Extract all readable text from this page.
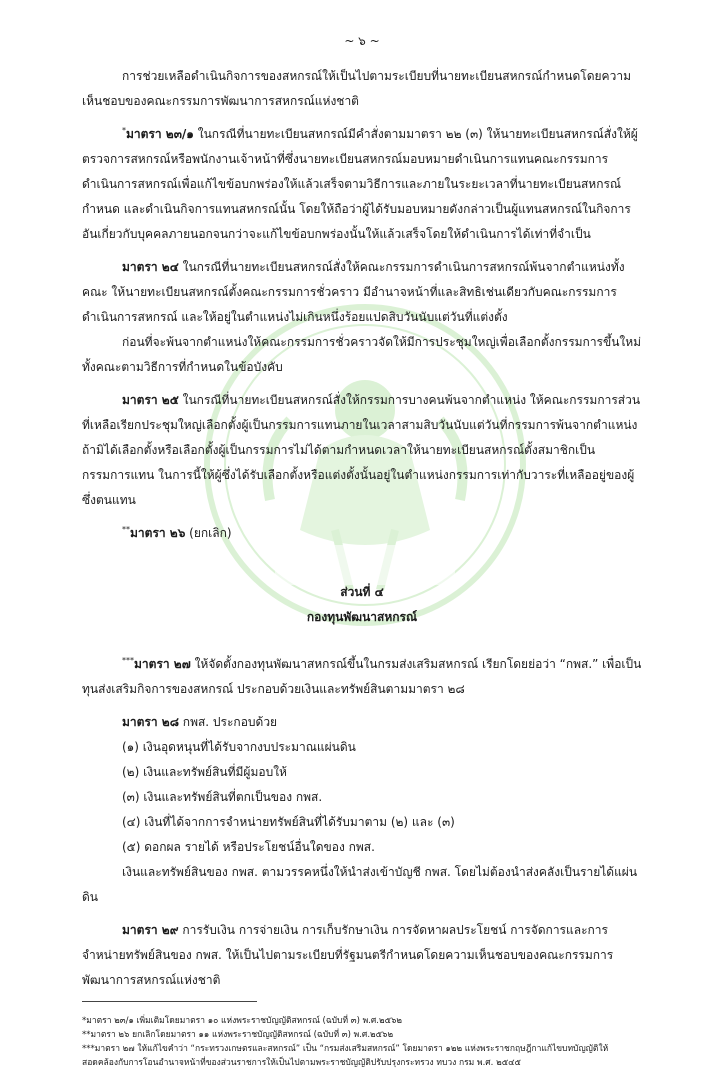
~ ๖ ~

การช่วยเหลือดำเนินกิจการของสหกรณ์ให้เป็นไปตามระเบียบที่นายทะเบียนสหกรณ์กำหนดโดยความเห็นชอบของคณะกรรมการพัฒนาการสหกรณ์แห่งชาติ

*มาตรา ๒๓/๑ ในกรณีที่นายทะเบียนสหกรณ์มีคำสั่งตามมาตรา ๒๒ (๓) ให้นายทะเบียนสหกรณ์สั่งให้ผู้ตรวจการสหกรณ์หรือพนักงานเจ้าหน้าที่ซึ่งนายทะเบียนสหกรณ์มอบหมายดำเนินการแทนคณะกรรมการดำเนินการสหกรณ์เพื่อแก้ไขข้อบกพร่องให้แล้วเสร็จตามวิธีการและภายในระยะเวลาที่นายทะเบียนสหกรณ์กำหนด และดำเนินกิจการแทนสหกรณ์นั้น โดยให้ถือว่าผู้ได้รับมอบหมายดังกล่าวเป็นผู้แทนสหกรณ์ในกิจการอันเกี่ยวกับบุคคลภายนอกจนกว่าจะแก้ไขข้อบกพร่องนั้นให้แล้วเสร็จโดยให้ดำเนินการได้เท่าที่จำเป็น

มาตรา ๒๔ ในกรณีที่นายทะเบียนสหกรณ์สั่งให้คณะกรรมการดำเนินการสหกรณ์พ้นจากตำแหน่งทั้งคณะ ให้นายทะเบียนสหกรณ์ตั้งคณะกรรมการชั่วคราว มีอำนาจหน้าที่และสิทธิเช่นเดียวกับคณะกรรมการดำเนินการสหกรณ์ และให้อยู่ในตำแหน่งไม่เกินหนึ่งร้อยแปดสิบวันนับแต่วันที่แต่งตั้ง

ก่อนที่จะพ้นจากตำแหน่งให้คณะกรรมการชั่วคราวจัดให้มีการประชุมใหญ่เพื่อเลือกตั้งกรรมการขึ้นใหม่ทั้งคณะตามวิธีการที่กำหนดในข้อบังคับ

มาตรา ๒๕ ในกรณีที่นายทะเบียนสหกรณ์สั่งให้กรรมการบางคนพ้นจากตำแหน่ง ให้คณะกรรมการส่วนที่เหลือเรียกประชุมใหญ่เลือกตั้งผู้เป็นกรรมการแทนภายในเวลาสามสิบวันนับแต่วันที่กรรมการพ้นจากตำแหน่ง ถ้ามิได้เลือกตั้งหรือเลือกตั้งผู้เป็นกรรมการไม่ได้ตามกำหนดเวลาให้นายทะเบียนสหกรณ์ตั้งสมาชิกเป็นกรรมการแทน ในการนี้ให้ผู้ซึ่งได้รับเลือกตั้งหรือแต่งตั้งนั้นอยู่ในตำแหน่งกรรมการเท่ากับวาระที่เหลืออยู่ของผู้ซึ่งตนแทน

**มาตรา ๒๖ (ยกเลิก)

ส่วนที่ ๔

กองทุนพัฒนาสหกรณ์

***มาตรา ๒๗ ให้จัดตั้งกองทุนพัฒนาสหกรณ์ขึ้นในกรมส่งเสริมสหกรณ์ เรียกโดยย่อว่า “กพส.” เพื่อเป็นทุนส่งเสริมกิจการของสหกรณ์ ประกอบด้วยเงินและทรัพย์สินตามมาตรา ๒๘

มาตรา ๒๘ กพส. ประกอบด้วย

(๑) เงินอุดหนุนที่ได้รับจากงบประมาณแผ่นดิน

(๒) เงินและทรัพย์สินที่มีผู้มอบให้

(๓) เงินและทรัพย์สินที่ตกเป็นของ กพส.

(๔) เงินที่ได้จากการจำหน่ายทรัพย์สินที่ได้รับมาตาม (๒) และ (๓)

(๕) ดอกผล รายได้ หรือประโยชน์อื่นใดของ กพส.

เงินและทรัพย์สินของ กพส. ตามวรรคหนึ่งให้นำส่งเข้าบัญชี กพส. โดยไม่ต้องนำส่งคลังเป็นรายได้แผ่นดิน

มาตรา ๒๙ การรับเงิน การจ่ายเงิน การเก็บรักษาเงิน การจัดหาผลประโยชน์ การจัดการและการจำหน่ายทรัพย์สินของ กพส. ให้เป็นไปตามระเบียบที่รัฐมนตรีกำหนดโดยความเห็นชอบของคณะกรรมการพัฒนาการสหกรณ์แห่งชาติ

*มาตรา ๒๓/๑ เพิ่มเติมโดยมาตรา ๑๐ แห่งพระราชบัญญัติสหกรณ์ (ฉบับที่ ๓) พ.ศ.๒๕๖๒

**มาตรา ๒๖ ยกเลิกโดยมาตรา ๑๑ แห่งพระราชบัญญัติสหกรณ์ (ฉบับที่ ๓) พ.ศ.๒๕๖๒

***มาตรา ๒๗ ให้แก้ไขคำว่า “กระทรวงเกษตรและสหกรณ์” เป็น “กรมส่งเสริมสหกรณ์” โดยมาตรา ๑๒๒ แห่งพระราชกฤษฎีกาแก้ไขบทบัญญัติให้สอดคล้องกับการโอนอำนาจหน้าที่ของส่วนราชการให้เป็นไปตามพระราชบัญญัติปรับปรุงกระทรวง ทบวง กรม พ.ศ. ๒๕๔๕
